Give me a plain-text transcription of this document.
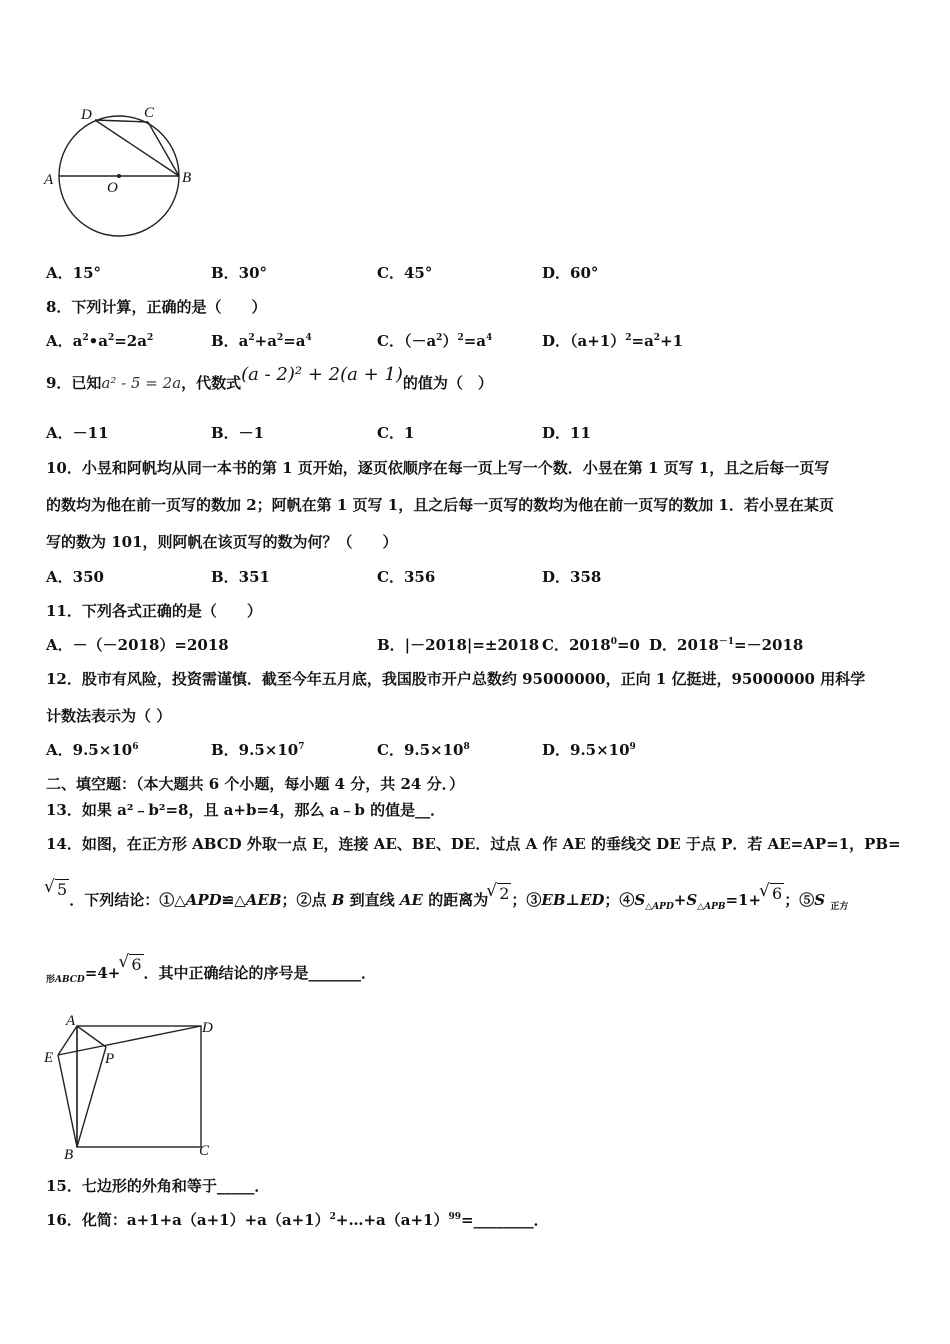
A	B
C
D
O
A．15°	B．30°	C．45°	D．60°
8．下列计算，正确的是（　　）
A．$a^2•a^2=2a^2$	B．$a^2+a^2=a^4$	C．$(-a^2)^2=a^4$	D．$(a+1)^2=a^2+1$
9．已知a² - 5 = 2a，代数式(a - 2)² + 2(a + 1)的值为（　）
A．－11	B．－1	C．1	D．11
10．小昱和阿帆均从同一本书的第 1 页开始，逐页依顺序在每一页上写一个数．小昱在第 1 页写 1，且之后每一页写
的数均为他在前一页写的数加 2；阿帆在第 1 页写 1，且之后每一页写的数均为他在前一页写的数加 1．若小昱在某页
写的数为 101，则阿帆在该页写的数为何？（　　）
A．350	B．351	C．356	D．358
11．下列各式正确的是（　　）
A．－（－2018）=2018	B．|－2018|=±2018 C．$2018^0=0$ D．$2018^{-1}=-2018$
12．股市有风险，投资需谨慎．截至今年五月底，我国股市开户总数约 95000000，正向 1 亿挺进，95000000 用科学
计数法表示为（ ）
A．$9.5\times 10^6$	B．$9.5\times 10^7$	C．$9.5\times 10^8$	D．$9.5\times 10^9$
二、填空题：（本大题共 6 个小题，每小题 4 分，共 24 分．）
13．如果 a²﹣b²=8，且 a+b=4，那么 a﹣b 的值是__．
14．如图，在正方形 ABCD 外取一点 E，连接 AE、BE、DE．过点 A 作 AE 的垂线交 DE 于点 P．若 AE=AP=1，PB=
√ 5．下列结论：①△APD≌△AEB；②点 B 到直线 AE 的距离为√ 2 ；③EB⊥ED；$④S_{\triangle APD}+S_{\triangle APB}=1+√$ 6 ；⑤S $_{正方}$
$_{形ABCD}$=4+√ 6 ．其中正确结论的序号是_______．
A
B	C
D
E	P
15．七边形的外角和等于_____．
16．化简：$a+1+a(a+1)+a(a+1)^2+\dots+a(a+1)^{99}=\_\_\_\_\_\_\_\_$．
